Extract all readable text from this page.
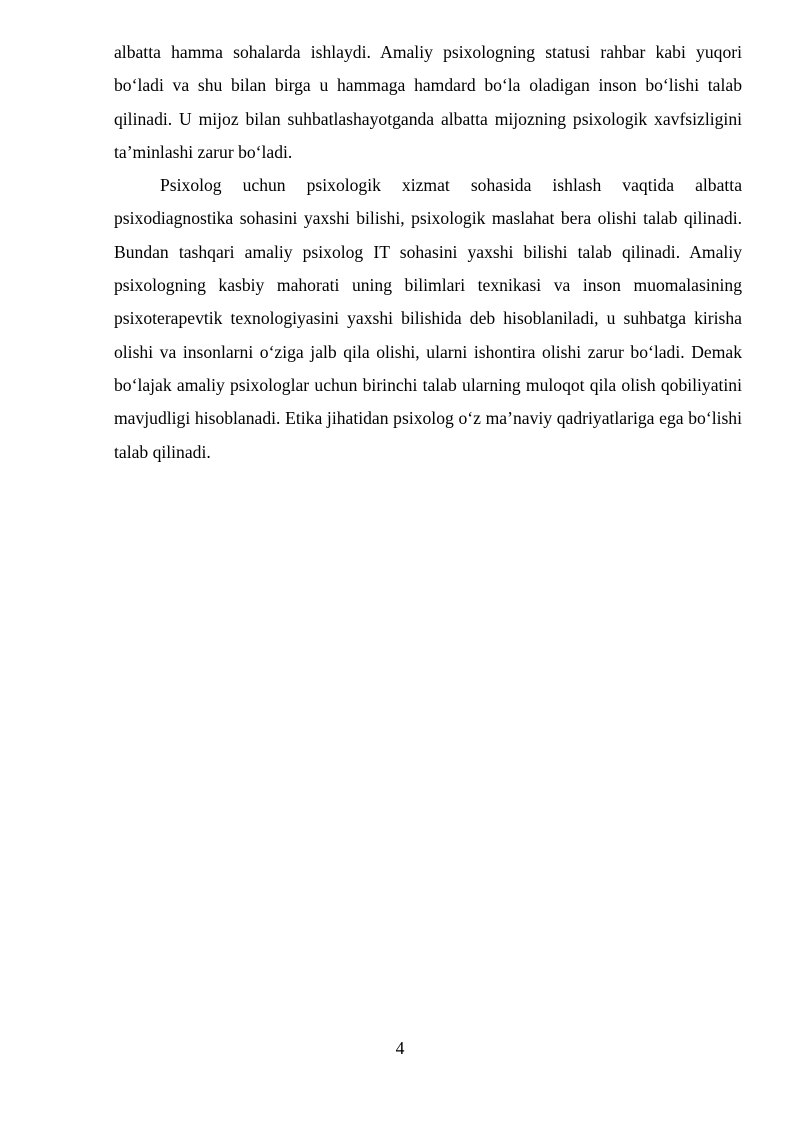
albatta hamma sohalarda ishlaydi. Amaliy psixologning statusi rahbar kabi yuqori bo‘ladi va shu bilan birga u hammaga hamdard bo‘la oladigan inson bo‘lishi talab qilinadi. U mijoz bilan suhbatlashayotganda albatta mijozning psixologik xavfsizligini ta’minlashi zarur bo‘ladi.

Psixolog uchun psixologik xizmat sohasida ishlash vaqtida albatta psixodiagnostika sohasini yaxshi bilishi, psixologik maslahat bera olishi talab qilinadi. Bundan tashqari amaliy psixolog IT sohasini yaxshi bilishi talab qilinadi. Amaliy psixologning kasbiy mahorati uning bilimlari texnikasi va inson muomalasining psixoterapevtik texnologiyasini yaxshi bilishida deb hisoblaniladi, u suhbatga kirisha olishi va insonlarni o‘ziga jalb qila olishi, ularni ishontira olishi zarur bo‘ladi. Demak bo‘lajak amaliy psixologlar uchun birinchi talab ularning muloqot qila olish qobiliyatini mavjudligi hisoblanadi. Etika jihatidan psixolog o‘z ma’naviy qadriyatlariga ega bo‘lishi talab qilinadi.

4
